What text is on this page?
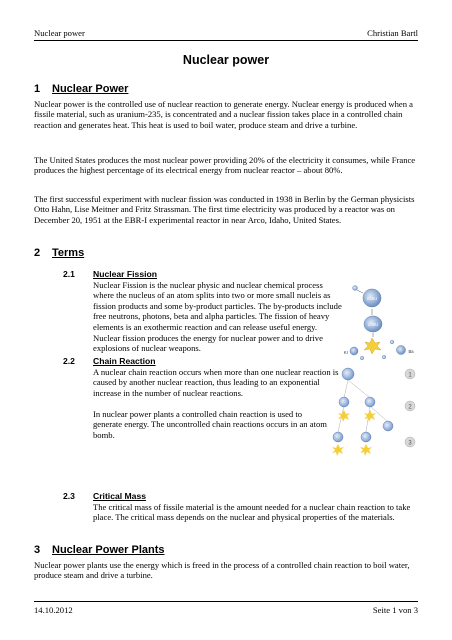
Nuclear power	Christian Bartl
Nuclear power
1 Nuclear Power
Nuclear power is the controlled use of nuclear reaction to generate energy. Nuclear energy is produced when a fissile material, such as uranium-235, is concentrated and a nuclear fission takes place in a controlled chain reaction and generates heat. This heat is used to boil water, produce steam and drive a turbine.
The United States produces the most nuclear power providing 20% of the electricity it consumes, while France produces the highest percentage of its electrical energy from nuclear reactor – about 80%.
The first successful experiment with nuclear fission was conducted in 1938 in Berlin by the German physicists Otto Hahn, Lise Meitner and Fritz Strassman. The first time electricity was produced by a reactor was on December 20, 1951 at the EBR-I experimental reactor in near Arco, Idaho, United States.
2 Terms
2.1 Nuclear Fission
Nuclear Fission is the nuclear physic and nuclear chemical process where the nucleus of an atom splits into two or more small nucleis as fission products and some by-product particles. The by-products include free neutrons, photons, beta and alpha particles. The fission of heavy elements is an exothermic reaction and can release useful energy.
Nuclear fission produces the energy for nuclear power and to drive explosions of nuclear weapons.
2.2 Chain Reaction
A nuclear chain reaction occurs when more than one nuclear reaction is caused by another nuclear reaction, thus leading to an exponential increase in the number of nuclear reactions.
In nuclear power plants a controlled chain reaction is used to generate energy. The uncontrolled chain reactions occurs in an atom bomb.
2.3 Critical Mass
The critical mass of fissile material is the amount needed for a nuclear chain reaction to take place. The critical mass depends on the nuclear and physical properties of the materials.
3 Nuclear Power Plants
Nuclear power plants use the energy which is freed in the process of a controlled chain reaction to boil water, produce steam and drive a turbine.
235U
236U
Kr	Ba
1
2
3
14.10.2012	Seite 1 von 3
